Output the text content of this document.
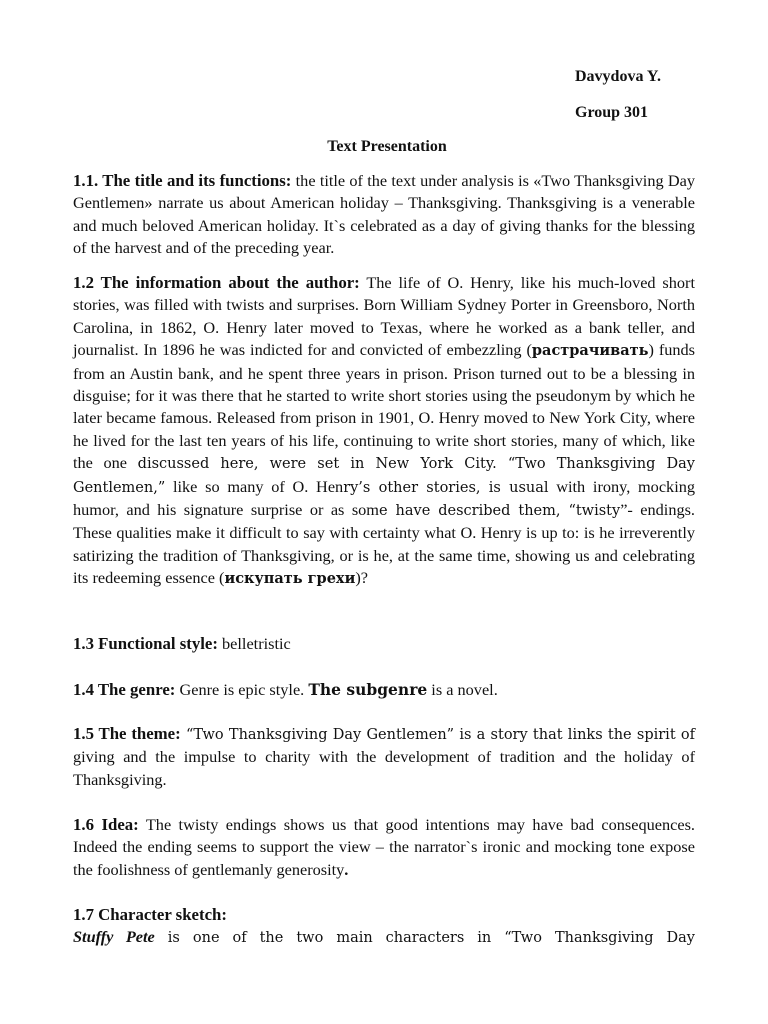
Davydova Y.
Group 301
Text Presentation

1.1. The title and its functions: the title of the text under analysis is «Two Thanksgiving Day Gentlemen» narrate us about American holiday – Thanksgiving. Thanksgiving is a venerable and much beloved American holiday. It`s celebrated as a day of giving thanks for the blessing of the harvest and of the preceding year.

1.2 The information about the author: The life of O. Henry, like his much-loved short stories, was filled with twists and surprises. Born William Sydney Porter in Greensboro, North Carolina, in 1862, O. Henry later moved to Texas, where he worked as a bank teller, and journalist. In 1896 he was indicted for and convicted of embezzling (растрачивать) funds from an Austin bank, and he spent three years in prison. Prison turned out to be a blessing in disguise; for it was there that he started to write short stories using the pseudonym by which he later became famous. Released from prison in 1901, O. Henry moved to New York City, where he lived for the last ten years of his life, continuing to write short stories, many of which, like the one discussed here, were set in New York City. “Two Thanksgiving Day Gentlemen,” like so many of O. Henry’s other stories, is usual with irony, mocking humor, and his signature surprise or as some have described them, “twisty”- endings. These qualities make it difficult to say with certainty what O. Henry is up to: is he irreverently satirizing the tradition of Thanksgiving, or is he, at the same time, showing us and celebrating its redeeming essence (искупать грехи)?

1.3 Functional style: belletristic

1.4 The genre: Genre is epic style. The subgenre is a novel.

1.5 The theme: “Two Thanksgiving Day Gentlemen” is a story that links the spirit of giving and the impulse to charity with the development of tradition and the holiday of Thanksgiving.

1.6 Idea: The twisty endings shows us that good intentions may have bad consequences. Indeed the ending seems to support the view – the narrator`s ironic and mocking tone expose the foolishness of gentlemanly generosity.

1.7 Character sketch:
Stuffy Pete is one of the two main characters in “Two Thanksgiving Day
